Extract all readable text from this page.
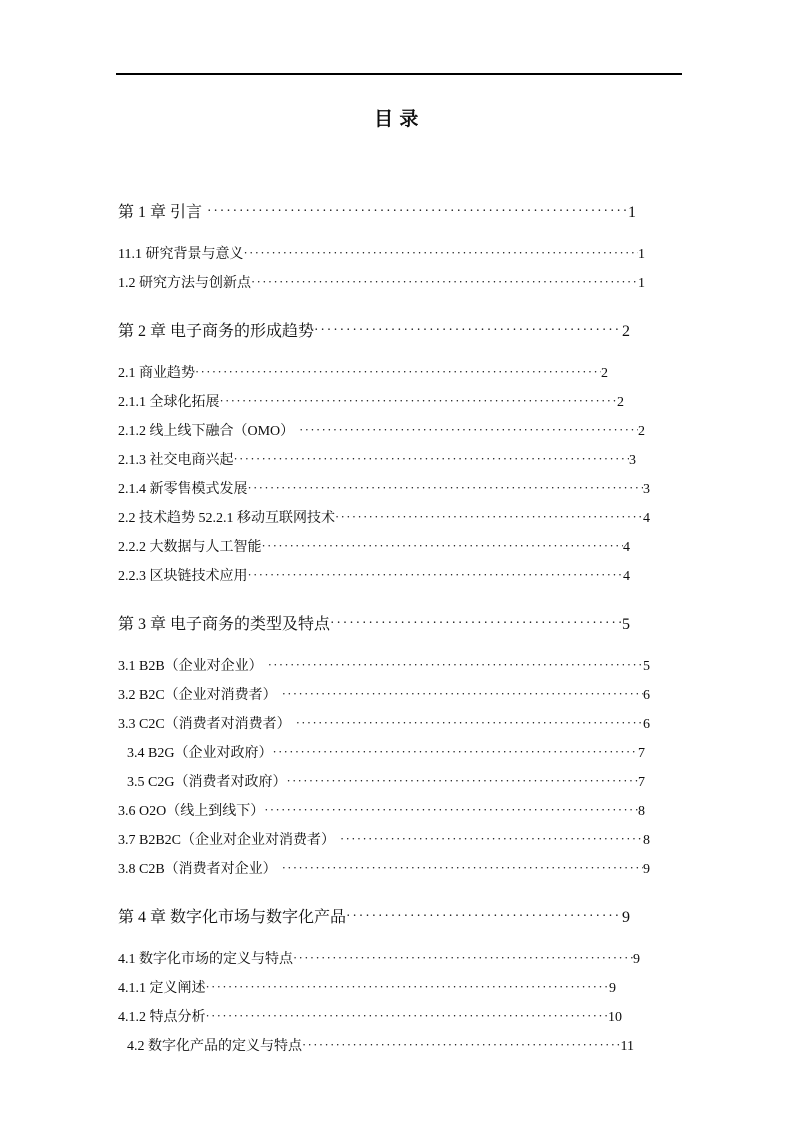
目 录
第 1 章 引言 ·····	1
11.1 研究背景与意义 ·····	1
1.2 研究方法与创新点 ·····	1
第 2 章 电子商务的形成趋势 ·····	2
2.1 商业趋势 ·····	2
2.1.1 全球化拓展 ·····	2
2.1.2 线上线下融合（OMO） ·····	2
2.1.3 社交电商兴起 ·····	3
2.1.4 新零售模式发展 ·····	3
2.2 技术趋势 52.2.1 移动互联网技术 ·····	4
2.2.2 大数据与人工智能 ·····	4
2.2.3 区块链技术应用 ·····	4
第 3 章 电子商务的类型及特点 ·····	5
3.1 B2B（企业对企业） ·····	5
3.2 B2C（企业对消费者） ·····	6
3.3 C2C（消费者对消费者） ·····	6
3.4 B2G（企业对政府） ·····	7
3.5 C2G（消费者对政府） ·····	7
3.6 O2O（线上到线下） ·····	8
3.7 B2B2C（企业对企业对消费者） ·····	8
3.8 C2B（消费者对企业） ·····	9
第 4 章 数字化市场与数字化产品 ·····	9
4.1 数字化市场的定义与特点 ·····	9
4.1.1 定义阐述 ·····	9
4.1.2 特点分析 ·····	10
4.2 数字化产品的定义与特点 ·····	11
